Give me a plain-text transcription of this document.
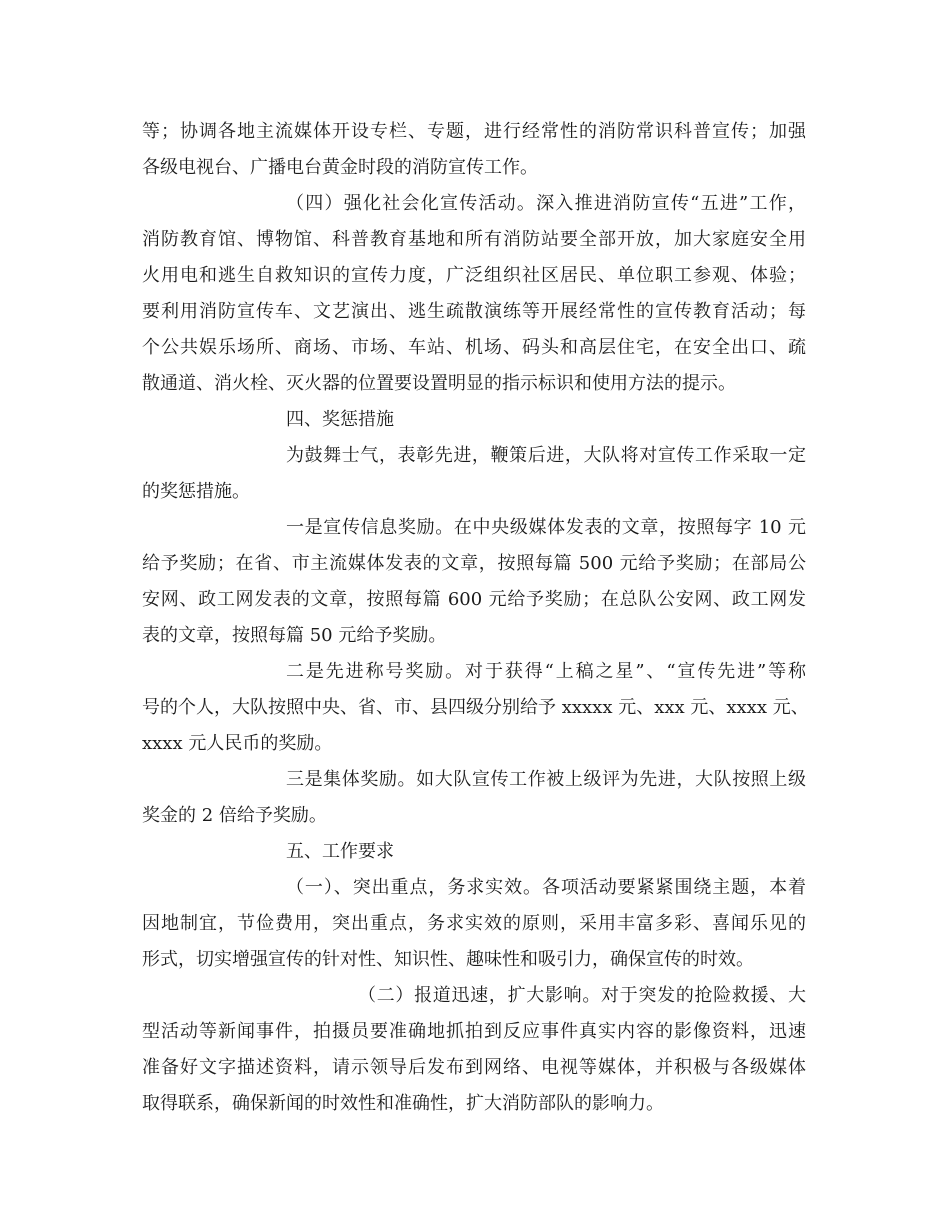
等；协调各地主流媒体开设专栏、专题，进行经常性的消防常识科普宣传；加强
各级电视台、广播电台黄金时段的消防宣传工作。
（四）强化社会化宣传活动。深入推进消防宣传“五进”工作，
消防教育馆、博物馆、科普教育基地和所有消防站要全部开放，加大家庭安全用
火用电和逃生自救知识的宣传力度，广泛组织社区居民、单位职工参观、体验；
要利用消防宣传车、文艺演出、逃生疏散演练等开展经常性的宣传教育活动；每
个公共娱乐场所、商场、市场、车站、机场、码头和高层住宅，在安全出口、疏
散通道、消火栓、灭火器的位置要设置明显的指示标识和使用方法的提示。
四、奖惩措施
为鼓舞士气，表彰先进，鞭策后进，大队将对宣传工作采取一定
的奖惩措施。
一是宣传信息奖励。在中央级媒体发表的文章，按照每字 10 元
给予奖励；在省、市主流媒体发表的文章，按照每篇 500 元给予奖励；在部局公
安网、政工网发表的文章，按照每篇 600 元给予奖励；在总队公安网、政工网发
表的文章，按照每篇 50 元给予奖励。
二是先进称号奖励。对于获得“上稿之星”、“宣传先进”等称
号的个人，大队按照中央、省、市、县四级分别给予 xxxxx 元、xxx 元、xxxx 元、
xxxx 元人民币的奖励。
三是集体奖励。如大队宣传工作被上级评为先进，大队按照上级
奖金的 2 倍给予奖励。
五、工作要求
（一）、突出重点，务求实效。各项活动要紧紧围绕主题，本着
因地制宜，节俭费用，突出重点，务求实效的原则，采用丰富多彩、喜闻乐见的
形式，切实增强宣传的针对性、知识性、趣味性和吸引力，确保宣传的时效。
（二）报道迅速，扩大影响。对于突发的抢险救援、大
型活动等新闻事件，拍摄员要准确地抓拍到反应事件真实内容的影像资料，迅速
准备好文字描述资料，请示领导后发布到网络、电视等媒体，并积极与各级媒体
取得联系，确保新闻的时效性和准确性，扩大消防部队的影响力。
